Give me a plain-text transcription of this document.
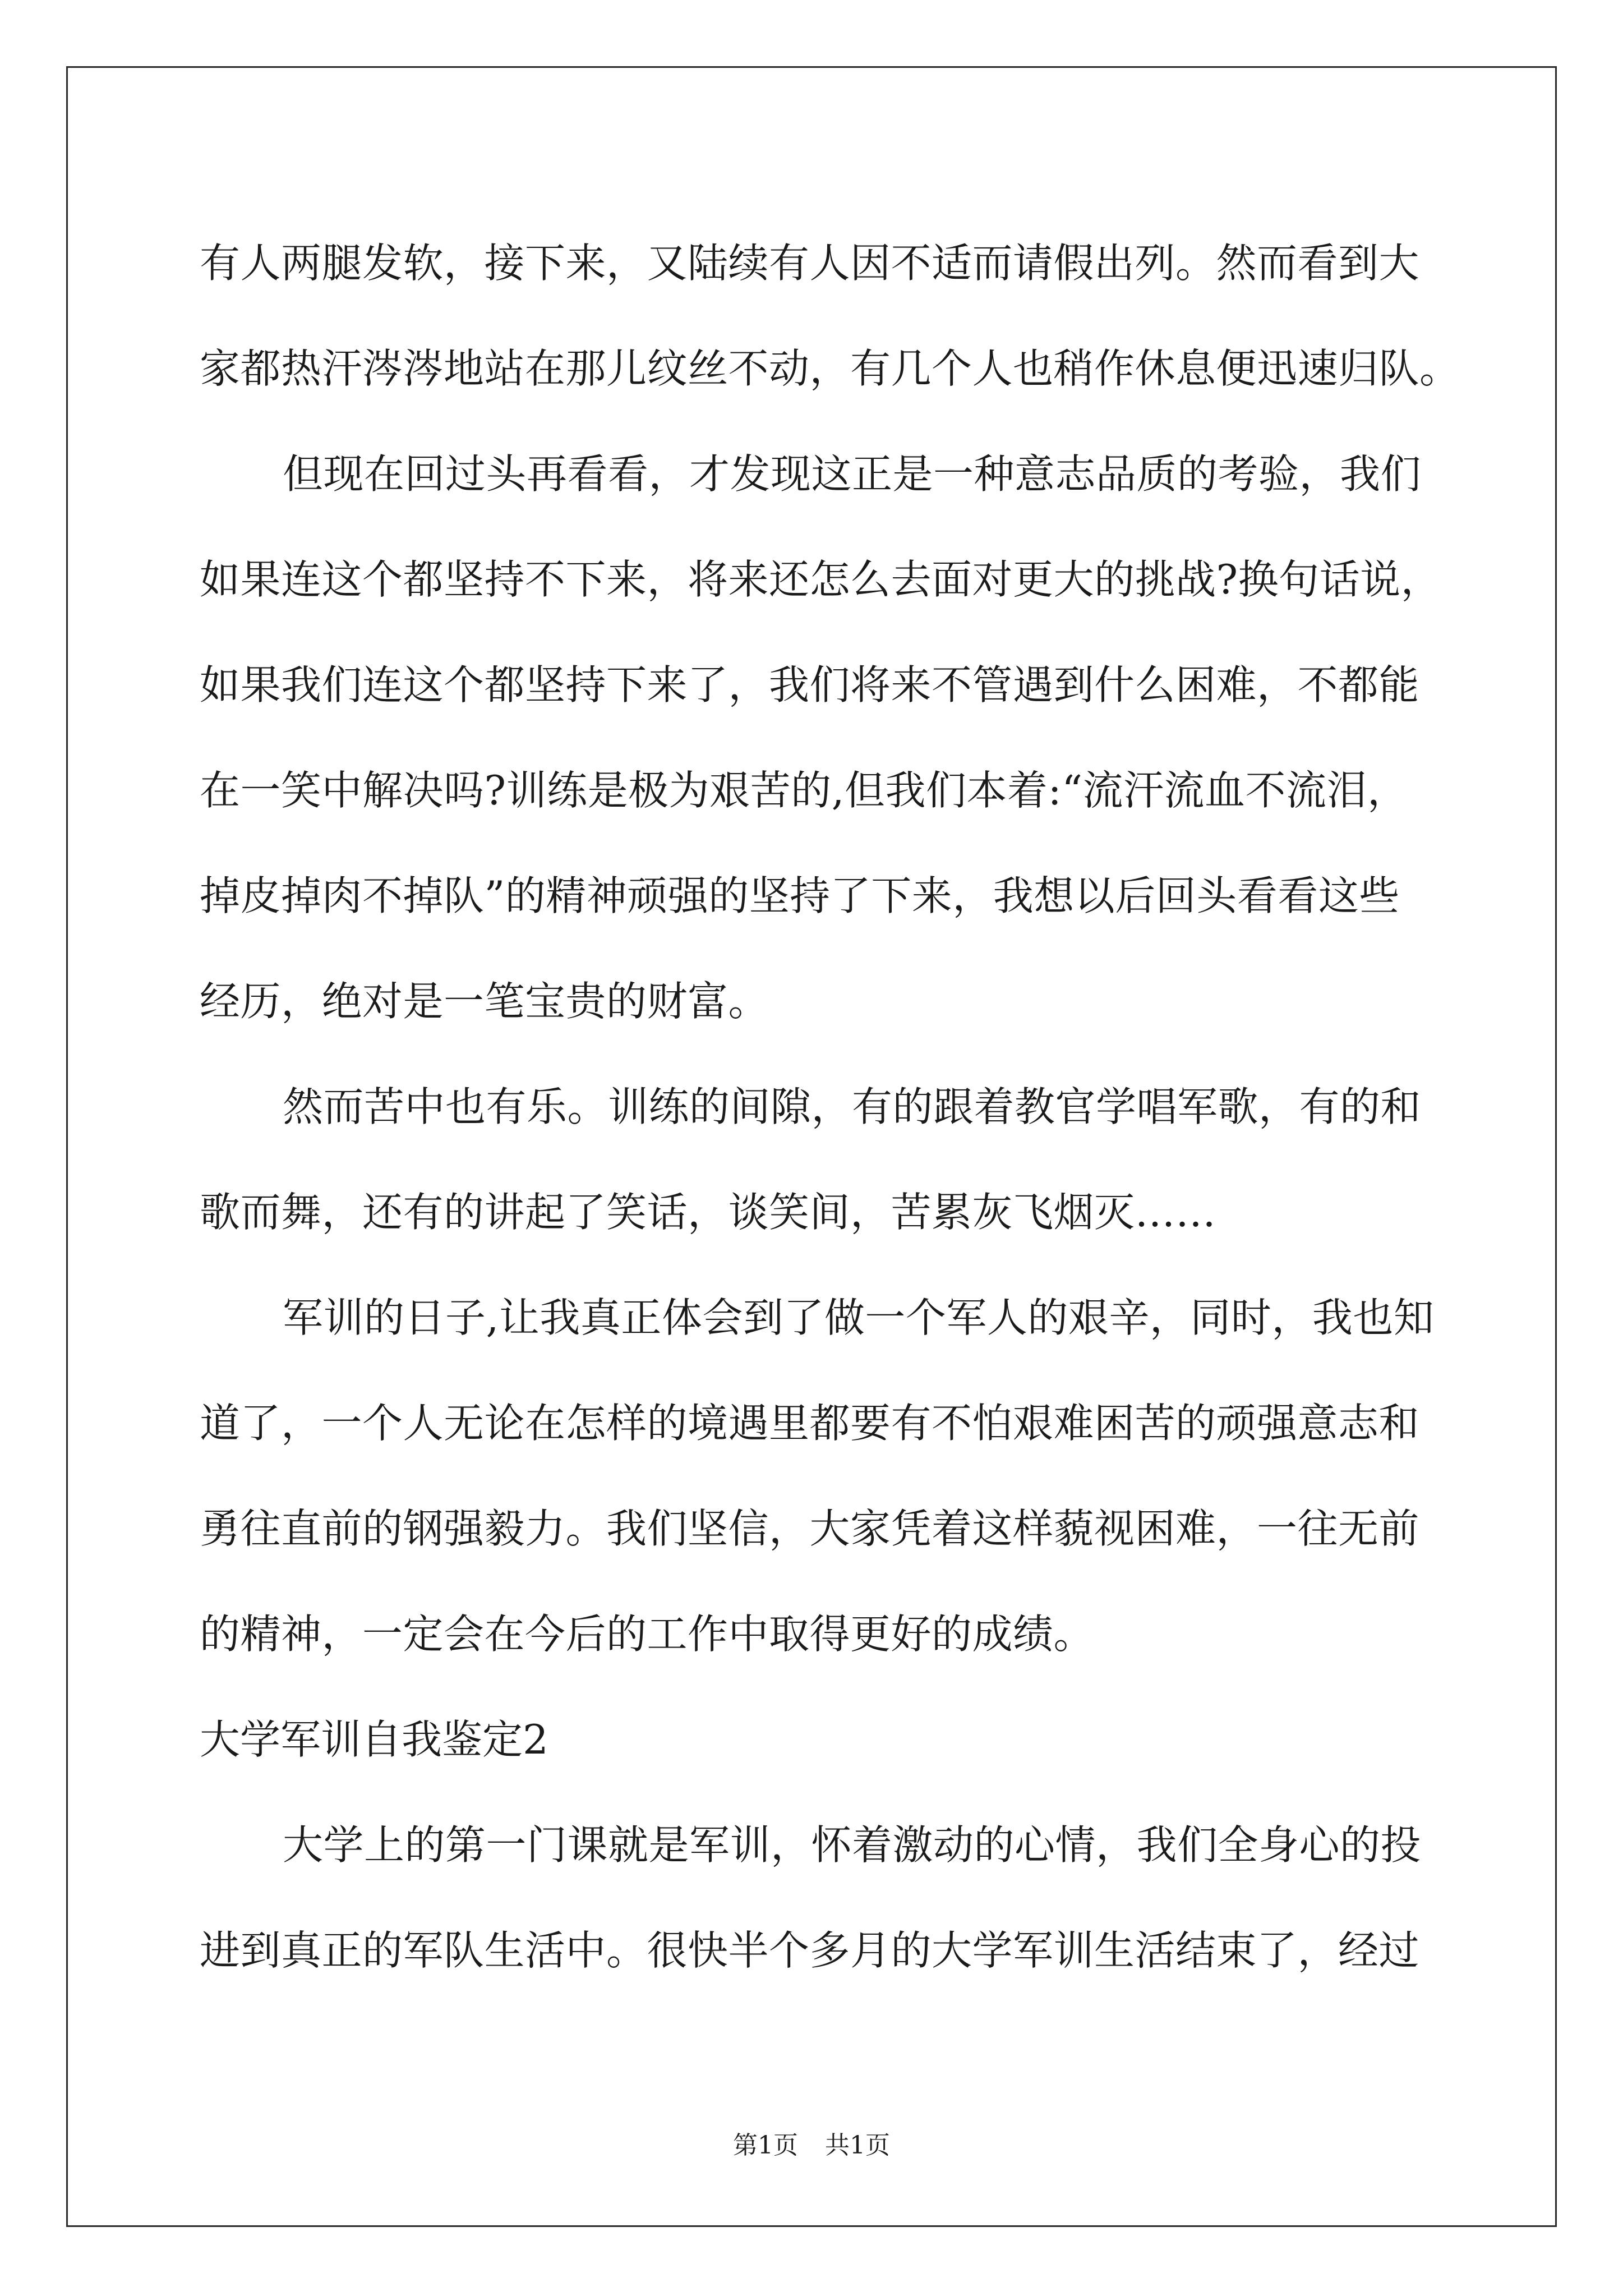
有人两腿发软，接下来，又陆续有人因不适而请假出列。然而看到大
家都热汗涔涔地站在那儿纹丝不动，有几个人也稍作休息便迅速归队。
但现在回过头再看看，才发现这正是一种意志品质的考验，我们
如果连这个都坚持不下来，将来还怎么去面对更大的挑战?换句话说，
如果我们连这个都坚持下来了，我们将来不管遇到什么困难，不都能
在一笑中解决吗?训练是极为艰苦的,但我们本着:“流汗流血不流泪，
掉皮掉肉不掉队”的精神顽强的坚持了下来，我想以后回头看看这些
经历，绝对是一笔宝贵的财富。
然而苦中也有乐。训练的间隙，有的跟着教官学唱军歌，有的和
歌而舞，还有的讲起了笑话，谈笑间，苦累灰飞烟灭……
军训的日子,让我真正体会到了做一个军人的艰辛，同时，我也知
道了，一个人无论在怎样的境遇里都要有不怕艰难困苦的顽强意志和
勇往直前的钢强毅力。我们坚信，大家凭着这样藐视困难，一往无前
的精神，一定会在今后的工作中取得更好的成绩。
大学军训自我鉴定2
大学上的第一门课就是军训，怀着激动的心情，我们全身心的投
进到真正的军队生活中。很快半个多月的大学军训生活结束了，经过
第1页 共1页
